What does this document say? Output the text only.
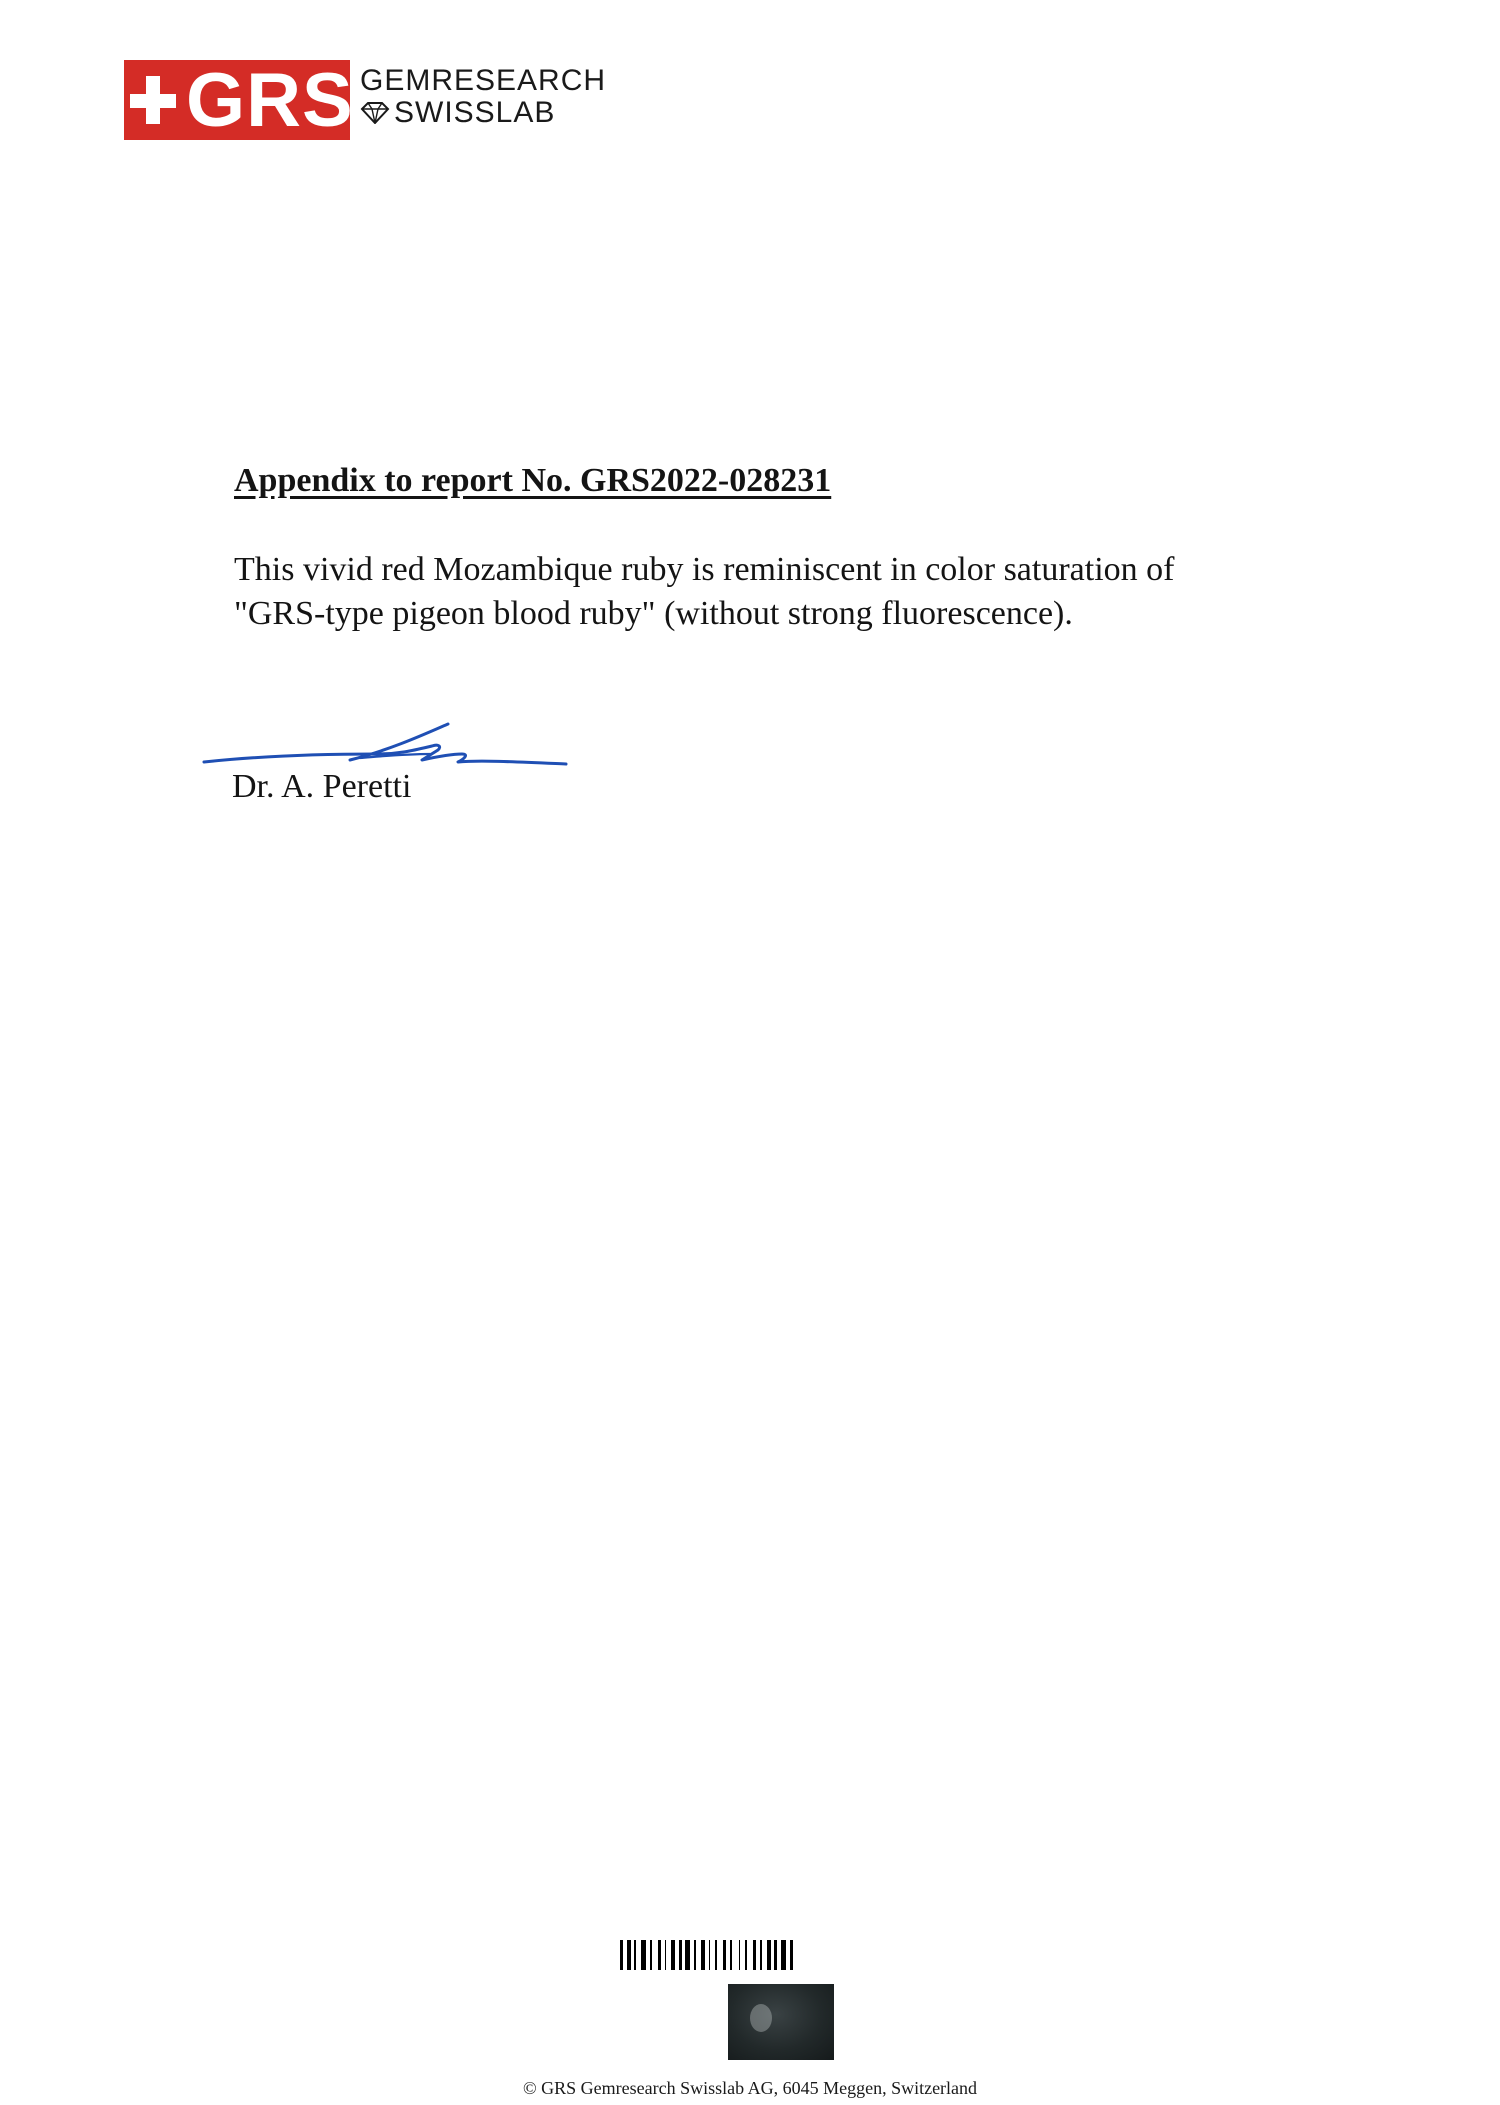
GRS GEMRESEARCH
SWISSLAB
Appendix to report No. GRS2022-028231

This vivid red Mozambique ruby is reminiscent in color saturation of

"GRS-type pigeon blood ruby" (without strong fluorescence).

Dr. A. Peretti
© GRS Gemresearch Swisslab AG, 6045 Meggen, Switzerland
